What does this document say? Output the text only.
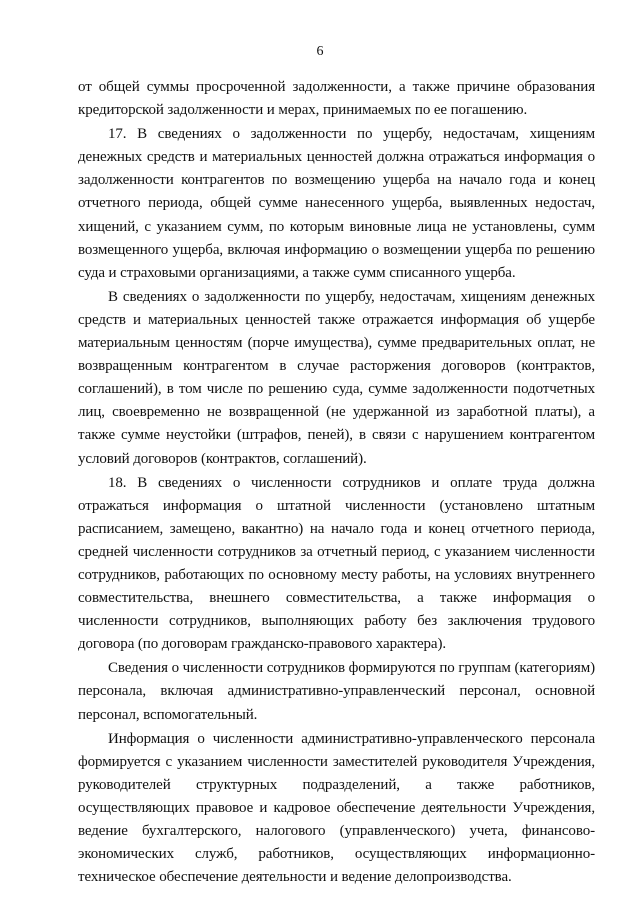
6

от общей суммы просроченной задолженности, а также причине образования кредиторской задолженности и мерах, принимаемых по ее погашению.

17. В сведениях о задолженности по ущербу, недостачам, хищениям денежных средств и материальных ценностей должна отражаться информация о задолженности контрагентов по возмещению ущерба на начало года и конец отчетного периода, общей сумме нанесенного ущерба, выявленных недостач, хищений, с указанием сумм, по которым виновные лица не установлены, сумм возмещенного ущерба, включая информацию о возмещении ущерба по решению суда и страховыми организациями, а также сумм списанного ущерба.

В сведениях о задолженности по ущербу, недостачам, хищениям денежных средств и материальных ценностей также отражается информация об ущербе материальным ценностям (порче имущества), сумме предварительных оплат, не возвращенным контрагентом в случае расторжения договоров (контрактов, соглашений), в том числе по решению суда, сумме задолженности подотчетных лиц, своевременно не возвращенной (не удержанной из заработной платы), а также сумме неустойки (штрафов, пеней), в связи с нарушением контрагентом условий договоров (контрактов, соглашений).

18. В сведениях о численности сотрудников и оплате труда должна отражаться информация о штатной численности (установлено штатным расписанием, замещено, вакантно) на начало года и конец отчетного периода, средней численности сотрудников за отчетный период, с указанием численности сотрудников, работающих по основному месту работы, на условиях внутреннего совместительства, внешнего совместительства, а также информация о численности сотрудников, выполняющих работу без заключения трудового договора (по договорам гражданско-правового характера).

Сведения о численности сотрудников формируются по группам (категориям) персонала, включая административно-управленческий персонал, основной персонал, вспомогательный.

Информация о численности административно-управленческого персонала формируется с указанием численности заместителей руководителя Учреждения, руководителей структурных подразделений, а также работников, осуществляющих правовое и кадровое обеспечение деятельности Учреждения, ведение бухгалтерского, налогового (управленческого) учета, финансово-экономических служб, работников, осуществляющих информационно-техническое обеспечение деятельности и ведение делопроизводства.
